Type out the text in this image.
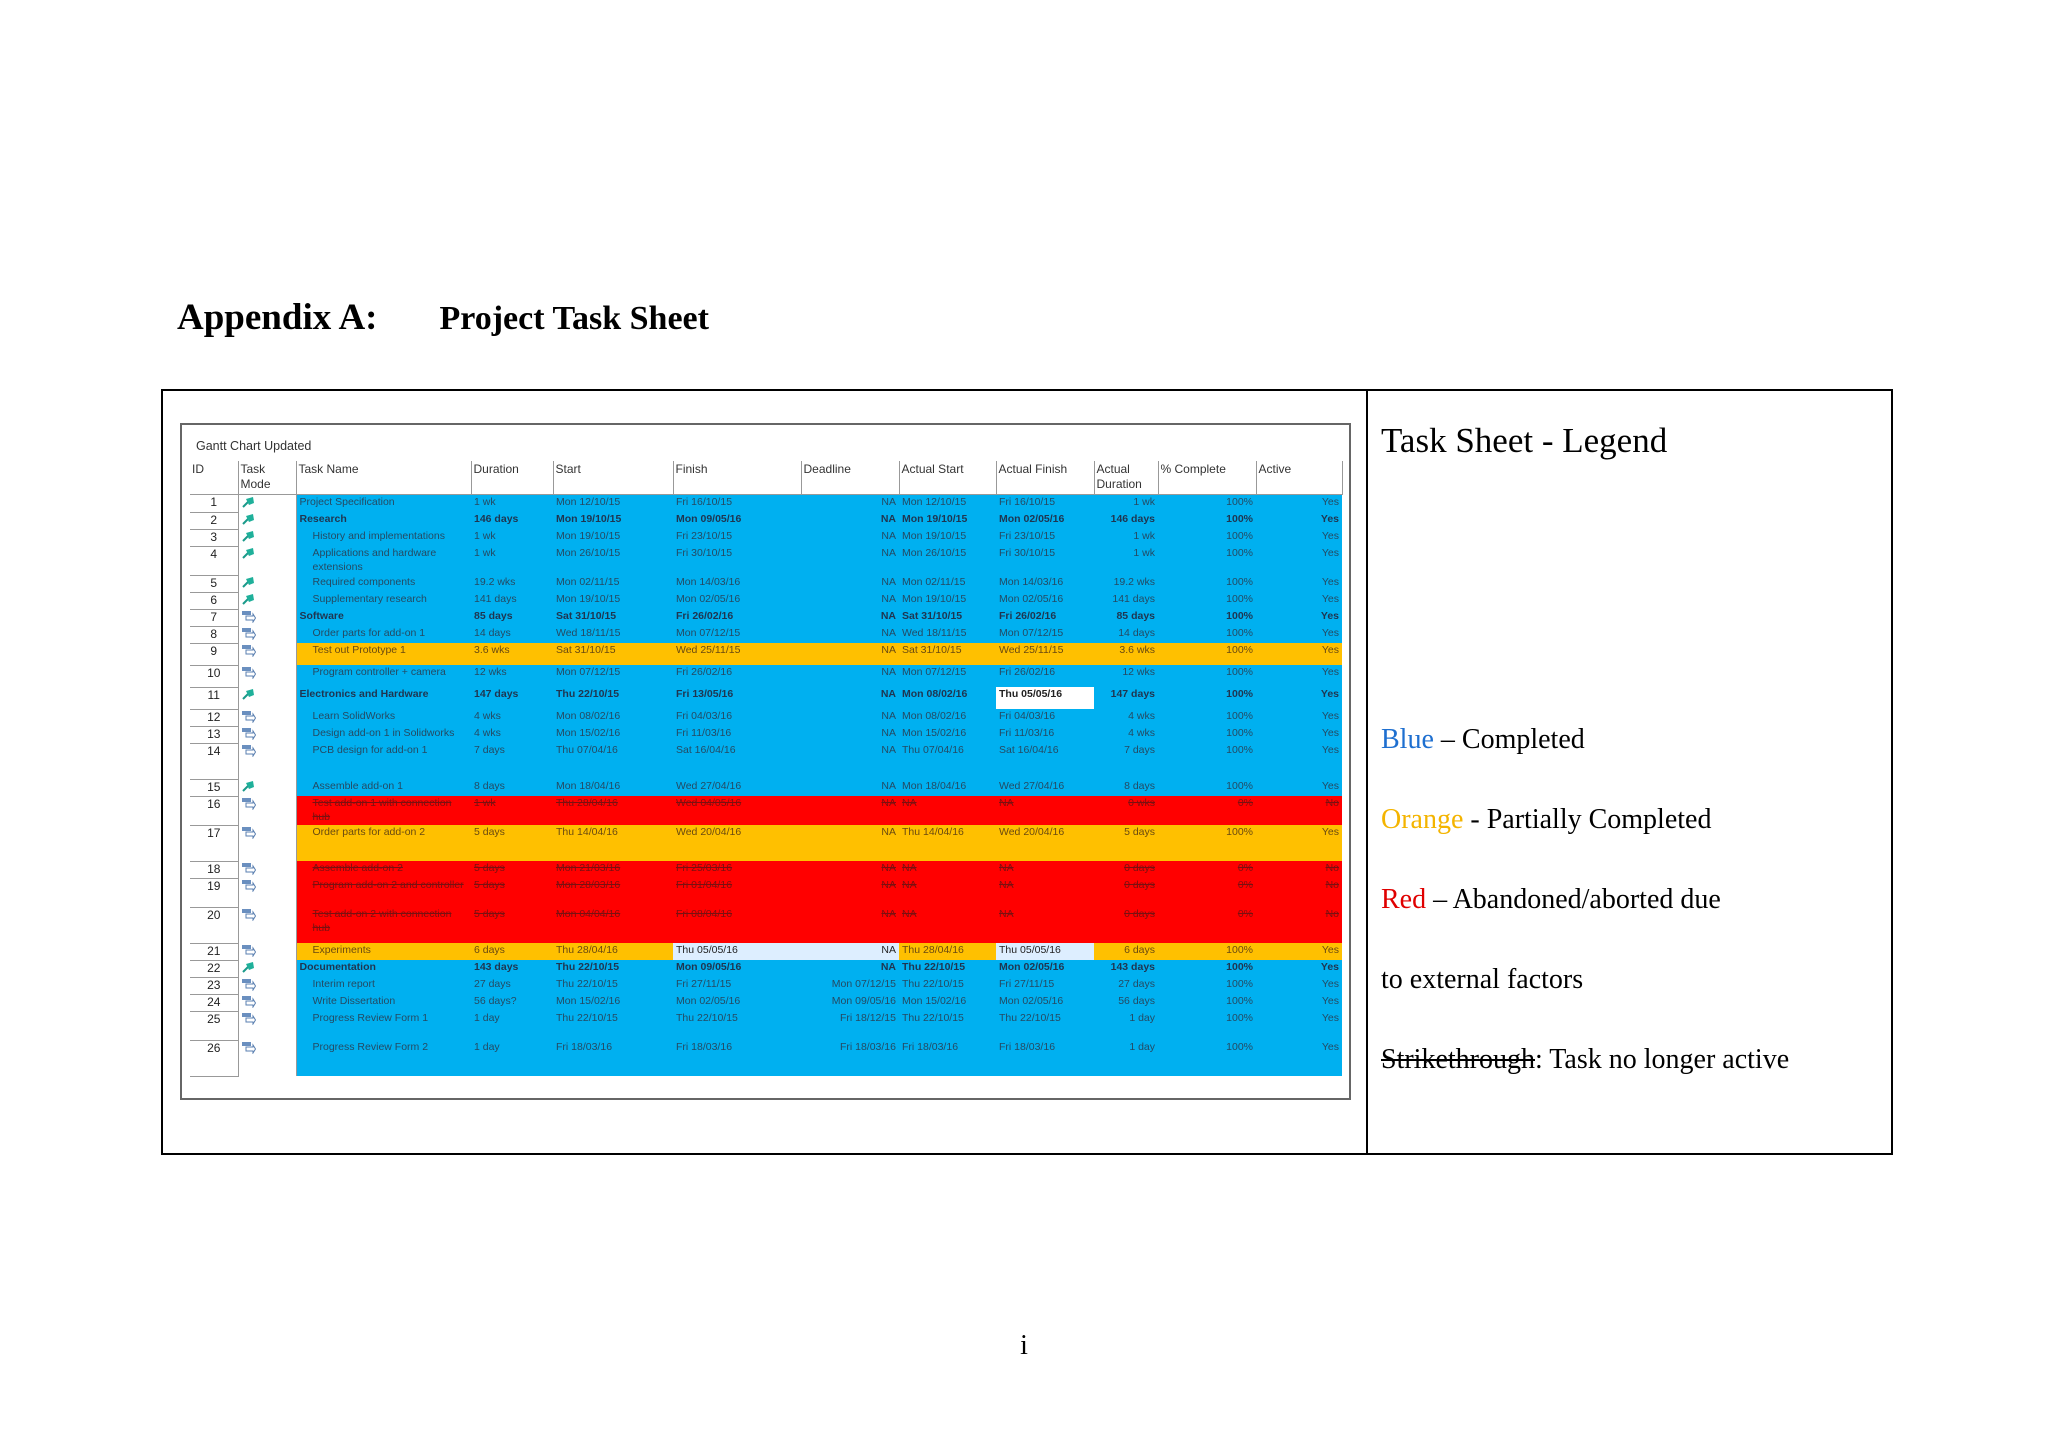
Appendix A: Project Task Sheet
Gantt Chart Updated
ID	Task Mode	Task Name	Duration	Start	Finish	Deadline	Actual Start	Actual Finish	Actual Duration	% Complete	Active
1		Project Specification	1 wk	Mon 12/10/15	Fri 16/10/15	NA	Mon 12/10/15	Fri 16/10/15	1 wk	100%	Yes
2		Research	146 days	Mon 19/10/15	Mon 09/05/16	NA	Mon 19/10/15	Mon 02/05/16	146 days	100%	Yes
3		History and implementations	1 wk	Mon 19/10/15	Fri 23/10/15	NA	Mon 19/10/15	Fri 23/10/15	1 wk	100%	Yes
4		Applications and hardware extensions	1 wk	Mon 26/10/15	Fri 30/10/15	NA	Mon 26/10/15	Fri 30/10/15	1 wk	100%	Yes
5		Required components	19.2 wks	Mon 02/11/15	Mon 14/03/16	NA	Mon 02/11/15	Mon 14/03/16	19.2 wks	100%	Yes
6		Supplementary research	141 days	Mon 19/10/15	Mon 02/05/16	NA	Mon 19/10/15	Mon 02/05/16	141 days	100%	Yes
7		Software	85 days	Sat 31/10/15	Fri 26/02/16	NA	Sat 31/10/15	Fri 26/02/16	85 days	100%	Yes
8		Order parts for add-on 1	14 days	Wed 18/11/15	Mon 07/12/15	NA	Wed 18/11/15	Mon 07/12/15	14 days	100%	Yes
9		Test out Prototype 1	3.6 wks	Sat 31/10/15	Wed 25/11/15	NA	Sat 31/10/15	Wed 25/11/15	3.6 wks	100%	Yes
10		Program controller + camera	12 wks	Mon 07/12/15	Fri 26/02/16	NA	Mon 07/12/15	Fri 26/02/16	12 wks	100%	Yes
11		Electronics and Hardware	147 days	Thu 22/10/15	Fri 13/05/16	NA	Mon 08/02/16	Thu 05/05/16	147 days	100%	Yes
12		Learn SolidWorks	4 wks	Mon 08/02/16	Fri 04/03/16	NA	Mon 08/02/16	Fri 04/03/16	4 wks	100%	Yes
13		Design add-on 1 in Solidworks	4 wks	Mon 15/02/16	Fri 11/03/16	NA	Mon 15/02/16	Fri 11/03/16	4 wks	100%	Yes
14		PCB design for add-on 1	7 days	Thu 07/04/16	Sat 16/04/16	NA	Thu 07/04/16	Sat 16/04/16	7 days	100%	Yes
15		Assemble add-on 1	8 days	Mon 18/04/16	Wed 27/04/16	NA	Mon 18/04/16	Wed 27/04/16	8 days	100%	Yes
16		Test add-on 1 with connection hub	1 wk	Thu 28/04/16	Wed 04/05/16	NA	NA	NA	0 wks	0%	No
17		Order parts for add-on 2	5 days	Thu 14/04/16	Wed 20/04/16	NA	Thu 14/04/16	Wed 20/04/16	5 days	100%	Yes
18		Assemble add-on 2	5 days	Mon 21/03/16	Fri 25/03/16	NA	NA	NA	0 days	0%	No
19		Program add-on 2 and controller	5 days	Mon 28/03/16	Fri 01/04/16	NA	NA	NA	0 days	0%	No
20		Test add-on 2 with connection hub	5 days	Mon 04/04/16	Fri 08/04/16	NA	NA	NA	0 days	0%	No
21		Experiments	6 days	Thu 28/04/16	Thu 05/05/16	NA	Thu 28/04/16	Thu 05/05/16	6 days	100%	Yes
22		Documentation	143 days	Thu 22/10/15	Mon 09/05/16	NA	Thu 22/10/15	Mon 02/05/16	143 days	100%	Yes
23		Interim report	27 days	Thu 22/10/15	Fri 27/11/15	Mon 07/12/15	Thu 22/10/15	Fri 27/11/15	27 days	100%	Yes
24		Write Dissertation	56 days?	Mon 15/02/16	Mon 02/05/16	Mon 09/05/16	Mon 15/02/16	Mon 02/05/16	56 days	100%	Yes
25		Progress Review Form 1	1 day	Thu 22/10/15	Thu 22/10/15	Fri 18/12/15	Thu 22/10/15	Thu 22/10/15	1 day	100%	Yes
26		Progress Review Form 2	1 day	Fri 18/03/16	Fri 18/03/16	Fri 18/03/16	Fri 18/03/16	Fri 18/03/16	1 day	100%	Yes
Task Sheet - Legend
Blue – Completed
Orange - Partially Completed
Red – Abandoned/aborted due
to external factors
Strikethrough: Task no longer active
i
